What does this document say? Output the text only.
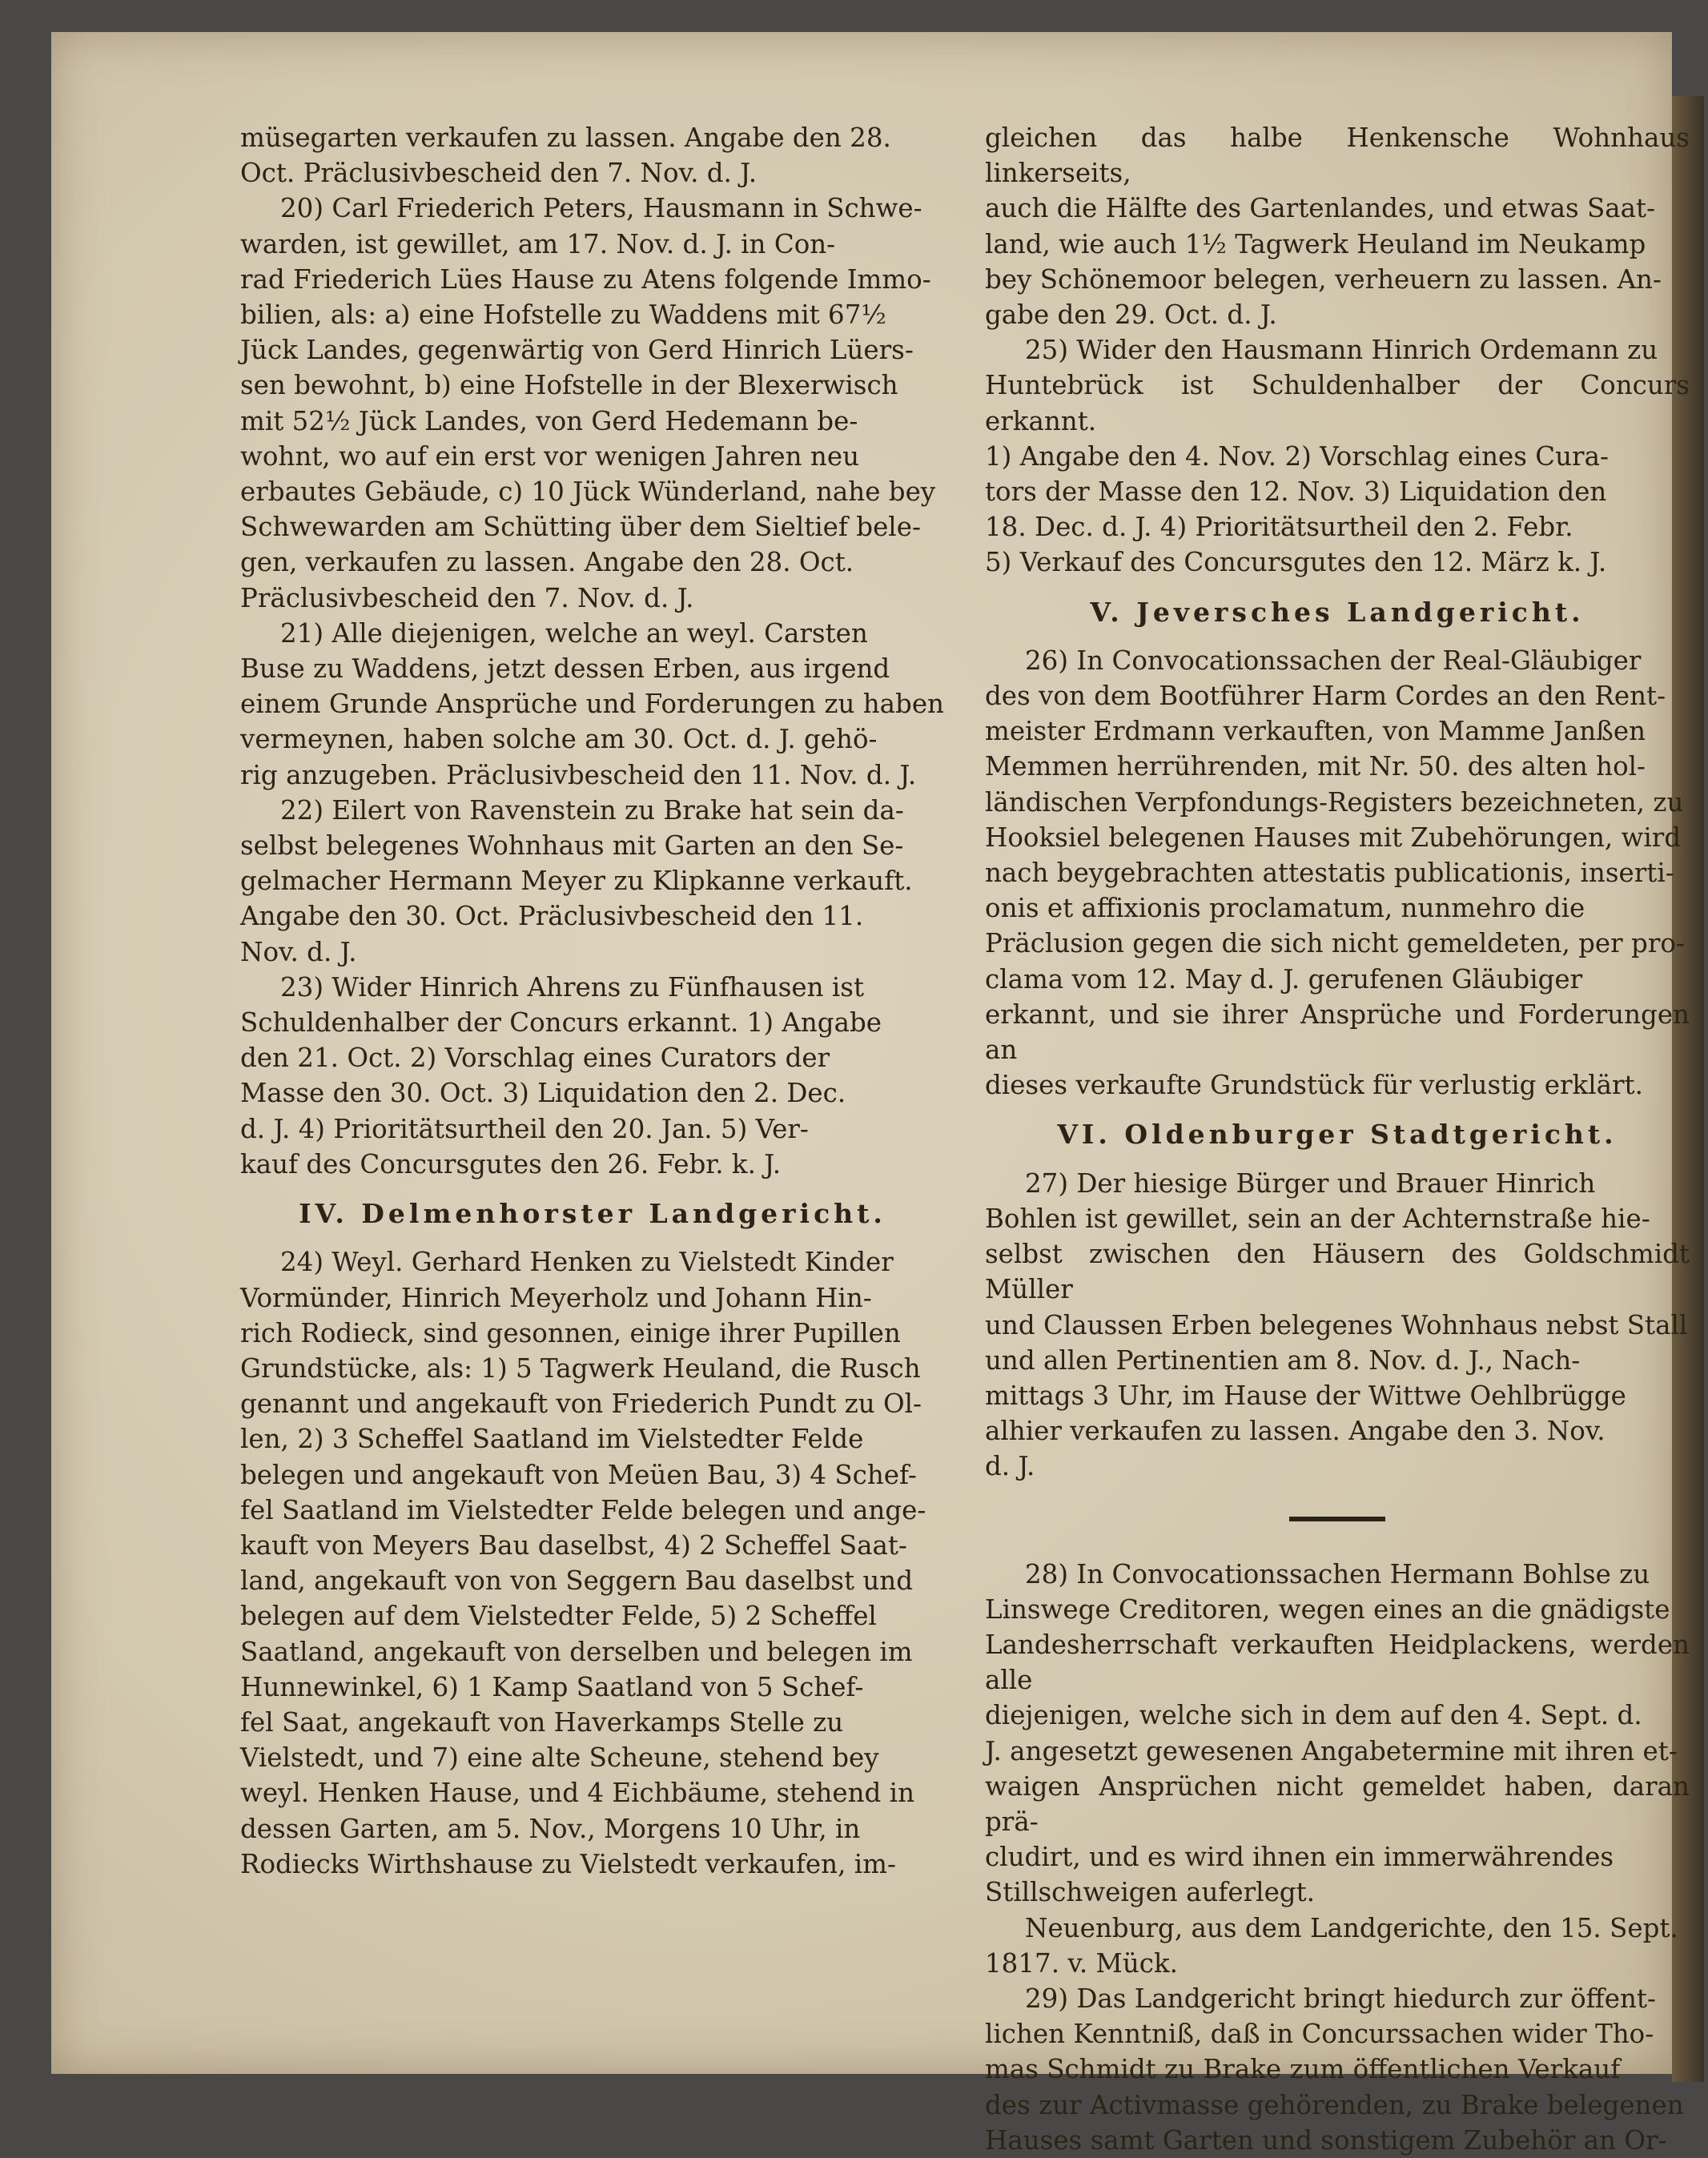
müsegarten verkaufen zu lassen. Angabe den 28.
Oct. Präclusivbescheid den 7. Nov. d. J.

20) Carl Friederich Peters, Hausmann in Schwe-
warden, ist gewillet, am 17. Nov. d. J. in Con-
rad Friederich Lües Hause zu Atens folgende Immo-
bilien, als: a) eine Hofstelle zu Waddens mit 67½
Jück Landes, gegenwärtig von Gerd Hinrich Lüers-
sen bewohnt, b) eine Hofstelle in der Blexerwisch
mit 52½ Jück Landes, von Gerd Hedemann be-
wohnt, wo auf ein erst vor wenigen Jahren neu
erbautes Gebäude, c) 10 Jück Wünderland, nahe bey
Schwewarden am Schütting über dem Sieltief bele-
gen, verkaufen zu lassen. Angabe den 28. Oct.
Präclusivbescheid den 7. Nov. d. J.

21) Alle diejenigen, welche an weyl. Carsten
Buse zu Waddens, jetzt dessen Erben, aus irgend
einem Grunde Ansprüche und Forderungen zu haben
vermeynen, haben solche am 30. Oct. d. J. gehö-
rig anzugeben. Präclusivbescheid den 11. Nov. d. J.

22) Eilert von Ravenstein zu Brake hat sein da-
selbst belegenes Wohnhaus mit Garten an den Se-
gelmacher Hermann Meyer zu Klipkanne verkauft.
Angabe den 30. Oct. Präclusivbescheid den 11.
Nov. d. J.

23) Wider Hinrich Ahrens zu Fünfhausen ist
Schuldenhalber der Concurs erkannt. 1) Angabe
den 21. Oct. 2) Vorschlag eines Curators der
Masse den 30. Oct. 3) Liquidation den 2. Dec.
d. J. 4) Prioritätsurtheil den 20. Jan. 5) Ver-
kauf des Concursgutes den 26. Febr. k. J.

IV. Delmenhorster Landgericht.

24) Weyl. Gerhard Henken zu Vielstedt Kinder
Vormünder, Hinrich Meyerholz und Johann Hin-
rich Rodieck, sind gesonnen, einige ihrer Pupillen
Grundstücke, als: 1) 5 Tagwerk Heuland, die Rusch
genannt und angekauft von Friederich Pundt zu Ol-
len, 2) 3 Scheffel Saatland im Vielstedter Felde
belegen und angekauft von Meüen Bau, 3) 4 Schef-
fel Saatland im Vielstedter Felde belegen und ange-
kauft von Meyers Bau daselbst, 4) 2 Scheffel Saat-
land, angekauft von von Seggern Bau daselbst und
belegen auf dem Vielstedter Felde, 5) 2 Scheffel
Saatland, angekauft von derselben und belegen im
Hunnewinkel, 6) 1 Kamp Saatland von 5 Schef-
fel Saat, angekauft von Haverkamps Stelle zu
Vielstedt, und 7) eine alte Scheune, stehend bey
weyl. Henken Hause, und 4 Eichbäume, stehend in
dessen Garten, am 5. Nov., Morgens 10 Uhr, in
Rodiecks Wirthshause zu Vielstedt verkaufen, im-

gleichen das halbe Henkensche Wohnhaus linkerseits,
auch die Hälfte des Gartenlandes, und etwas Saat-
land, wie auch 1½ Tagwerk Heuland im Neukamp
bey Schönemoor belegen, verheuern zu lassen. An-
gabe den 29. Oct. d. J.

25) Wider den Hausmann Hinrich Ordemann zu
Huntebrück ist Schuldenhalber der Concurs erkannt.
1) Angabe den 4. Nov. 2) Vorschlag eines Cura-
tors der Masse den 12. Nov. 3) Liquidation den
18. Dec. d. J. 4) Prioritätsurtheil den 2. Febr.
5) Verkauf des Concursgutes den 12. März k. J.

V. Jeversches Landgericht.

26) In Convocationssachen der Real-Gläubiger
des von dem Bootführer Harm Cordes an den Rent-
meister Erdmann verkauften, von Mamme Janßen
Memmen herrührenden, mit Nr. 50. des alten hol-
ländischen Verpfondungs-Registers bezeichneten, zu
Hooksiel belegenen Hauses mit Zubehörungen, wird
nach beygebrachten attestatis publicationis, inserti-
onis et affixionis proclamatum, nunmehro die
Präclusion gegen die sich nicht gemeldeten, per pro-
clama vom 12. May d. J. gerufenen Gläubiger
erkannt, und sie ihrer Ansprüche und Forderungen an
dieses verkaufte Grundstück für verlustig erklärt.

VI. Oldenburger Stadtgericht.

27) Der hiesige Bürger und Brauer Hinrich
Bohlen ist gewillet, sein an der Achternstraße hie-
selbst zwischen den Häusern des Goldschmidt Müller
und Claussen Erben belegenes Wohnhaus nebst Stall
und allen Pertinentien am 8. Nov. d. J., Nach-
mittags 3 Uhr, im Hause der Wittwe Oehlbrügge
alhier verkaufen zu lassen. Angabe den 3. Nov.
d. J.

28) In Convocationssachen Hermann Bohlse zu
Linswege Creditoren, wegen eines an die gnädigste
Landesherrschaft verkauften Heidplackens, werden alle
diejenigen, welche sich in dem auf den 4. Sept. d.
J. angesetzt gewesenen Angabetermine mit ihren et-
waigen Ansprüchen nicht gemeldet haben, daran prä-
cludirt, und es wird ihnen ein immerwährendes
Stillschweigen auferlegt.

Neuenburg, aus dem Landgerichte, den 15. Sept.
1817. v. Mück.

29) Das Landgericht bringt hiedurch zur öffent-
lichen Kenntniß, daß in Concurssachen wider Tho-
mas Schmidt zu Brake zum öffentlichen Verkauf
des zur Activmasse gehörenden, zu Brake belegenen
Hauses samt Garten und sonstigem Zubehör an Or-
